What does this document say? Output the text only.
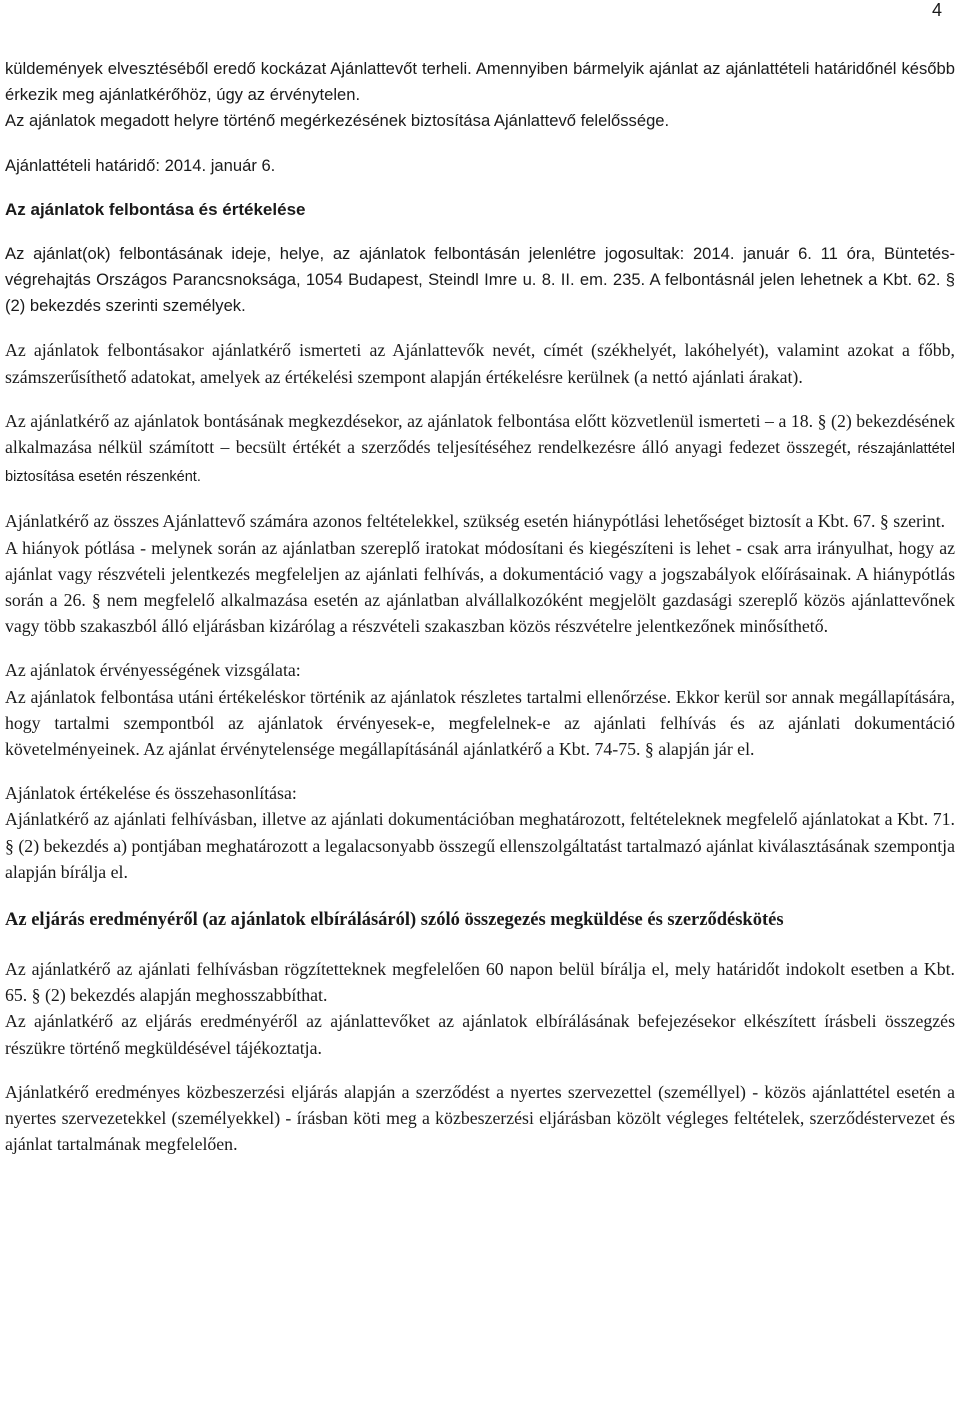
4

küldemények elvesztéséből eredő kockázat Ajánlattevőt terheli. Amennyiben bármelyik ajánlat az ajánlattételi határidőnél később érkezik meg ajánlatkérőhöz, úgy az érvénytelen.

Az ajánlatok megadott helyre történő megérkezésének biztosítása Ajánlattevő felelőssége.

Ajánlattételi határidő: 2014. január 6.

Az ajánlatok felbontása és értékelése

Az ajánlat(ok) felbontásának ideje, helye, az ajánlatok felbontásán jelenlétre jogosultak: 2014. január 6. 11 óra, Büntetés-végrehajtás Országos Parancsnoksága, 1054 Budapest, Steindl Imre u. 8. II. em. 235. A felbontásnál jelen lehetnek a Kbt. 62. § (2) bekezdés szerinti személyek.

Az ajánlatok felbontásakor ajánlatkérő ismerteti az Ajánlattevők nevét, címét (székhelyét, lakóhelyét), valamint azokat a főbb, számszerűsíthető adatokat, amelyek az értékelési szempont alapján értékelésre kerülnek (a nettó ajánlati árakat).

Az ajánlatkérő az ajánlatok bontásának megkezdésekor, az ajánlatok felbontása előtt közvetlenül ismerteti – a 18. § (2) bekezdésének alkalmazása nélkül számított – becsült értékét a szerződés teljesítéséhez rendelkezésre álló anyagi fedezet összegét, részajánlattétel biztosítása esetén részenként.

Ajánlatkérő az összes Ajánlattevő számára azonos feltételekkel, szükség esetén hiánypótlási lehetőséget biztosít a Kbt. 67. § szerint.

A hiányok pótlása - melynek során az ajánlatban szereplő iratokat módosítani és kiegészíteni is lehet - csak arra irányulhat, hogy az ajánlat vagy részvételi jelentkezés megfeleljen az ajánlati felhívás, a dokumentáció vagy a jogszabályok előírásainak. A hiánypótlás során a 26. § nem megfelelő alkalmazása esetén az ajánlatban alvállalkozóként megjelölt gazdasági szereplő közös ajánlattevőnek vagy több szakaszból álló eljárásban kizárólag a részvételi szakaszban közös részvételre jelentkezőnek minősíthető.

Az ajánlatok érvényességének vizsgálata:

Az ajánlatok felbontása utáni értékeléskor történik az ajánlatok részletes tartalmi ellenőrzése. Ekkor kerül sor annak megállapítására, hogy tartalmi szempontból az ajánlatok érvényesek-e, megfelelnek-e az ajánlati felhívás és az ajánlati dokumentáció követelményeinek. Az ajánlat érvénytelensége megállapításánál ajánlatkérő a Kbt. 74-75. § alapján jár el.

Ajánlatok értékelése és összehasonlítása:

Ajánlatkérő az ajánlati felhívásban, illetve az ajánlati dokumentációban meghatározott, feltételeknek megfelelő ajánlatokat a Kbt. 71. § (2) bekezdés a) pontjában meghatározott a legalacsonyabb összegű ellenszolgáltatást tartalmazó ajánlat kiválasztásának szempontja alapján bírálja el.

Az eljárás eredményéről (az ajánlatok elbírálásáról) szóló összegezés megküldése és szerződéskötés

Az ajánlatkérő az ajánlati felhívásban rögzítetteknek megfelelően 60 napon belül bírálja el, mely határidőt indokolt esetben a Kbt. 65. § (2) bekezdés alapján meghosszabbíthat.

Az ajánlatkérő az eljárás eredményéről az ajánlattevőket az ajánlatok elbírálásának befejezésekor elkészített írásbeli összegzés részükre történő megküldésével tájékoztatja.

Ajánlatkérő eredményes közbeszerzési eljárás alapján a szerződést a nyertes szervezettel (személlyel) - közös ajánlattétel esetén a nyertes szervezetekkel (személyekkel) - írásban köti meg a közbeszerzési eljárásban közölt végleges feltételek, szerződéstervezet és ajánlat tartalmának megfelelően.
